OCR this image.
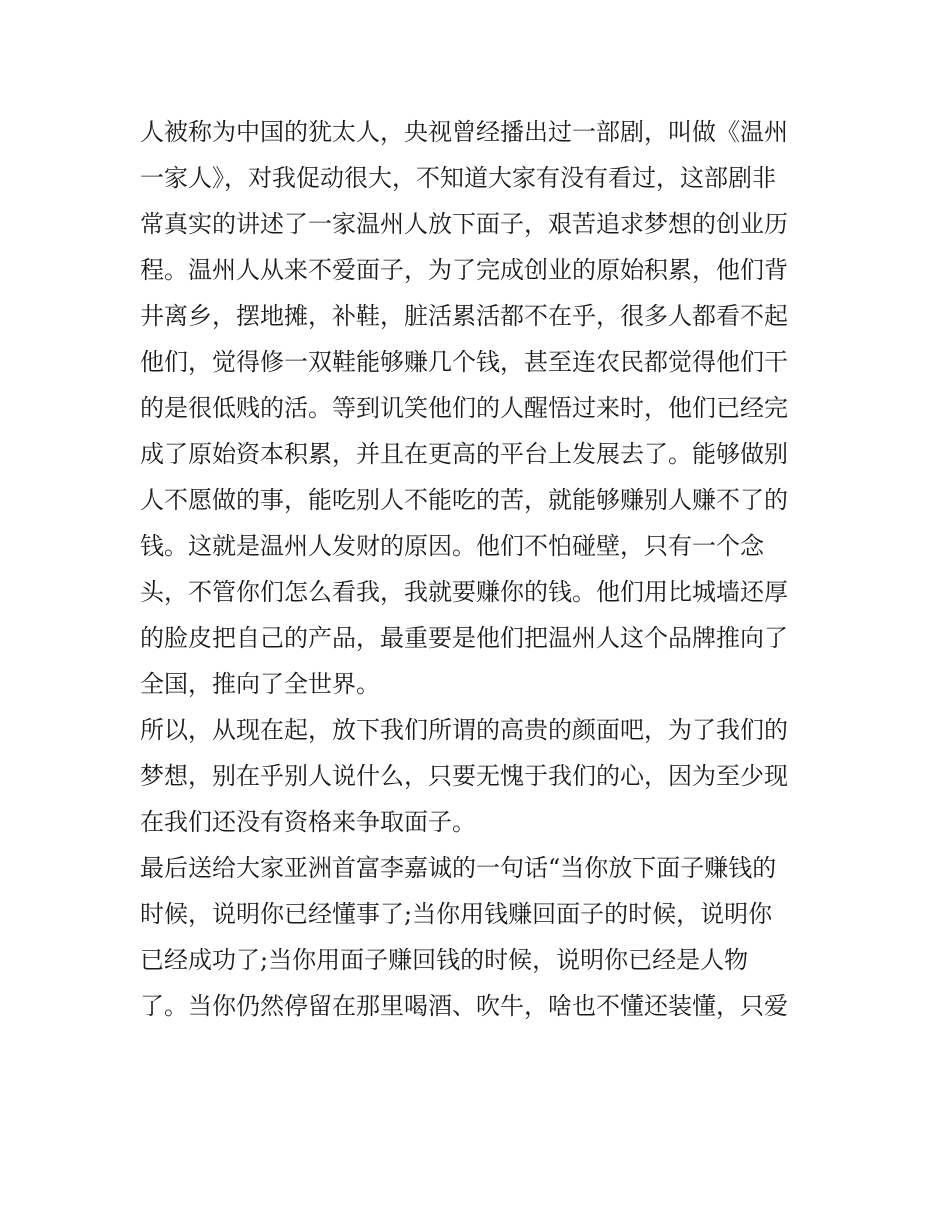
人被称为中国的犹太人，央视曾经播出过一部剧，叫做《温州
一家人》，对我促动很大，不知道大家有没有看过，这部剧非
常真实的讲述了一家温州人放下面子，艰苦追求梦想的创业历
程。温州人从来不爱面子，为了完成创业的原始积累，他们背
井离乡，摆地摊，补鞋，脏活累活都不在乎，很多人都看不起
他们，觉得修一双鞋能够赚几个钱，甚至连农民都觉得他们干
的是很低贱的活。等到讥笑他们的人醒悟过来时，他们已经完
成了原始资本积累，并且在更高的平台上发展去了。能够做别
人不愿做的事，能吃别人不能吃的苦，就能够赚别人赚不了的
钱。这就是温州人发财的原因。他们不怕碰壁，只有一个念
头，不管你们怎么看我，我就要赚你的钱。他们用比城墙还厚
的脸皮把自己的产品，最重要是他们把温州人这个品牌推向了
全国，推向了全世界。
所以，从现在起，放下我们所谓的高贵的颜面吧，为了我们的
梦想，别在乎别人说什么，只要无愧于我们的心，因为至少现
在我们还没有资格来争取面子。
最后送给大家亚洲首富李嘉诚的一句话“当你放下面子赚钱的
时候，说明你已经懂事了;当你用钱赚回面子的时候，说明你
已经成功了;当你用面子赚回钱的时候，说明你已经是人物
了。当你仍然停留在那里喝酒、吹牛，啥也不懂还装懂，只爱
